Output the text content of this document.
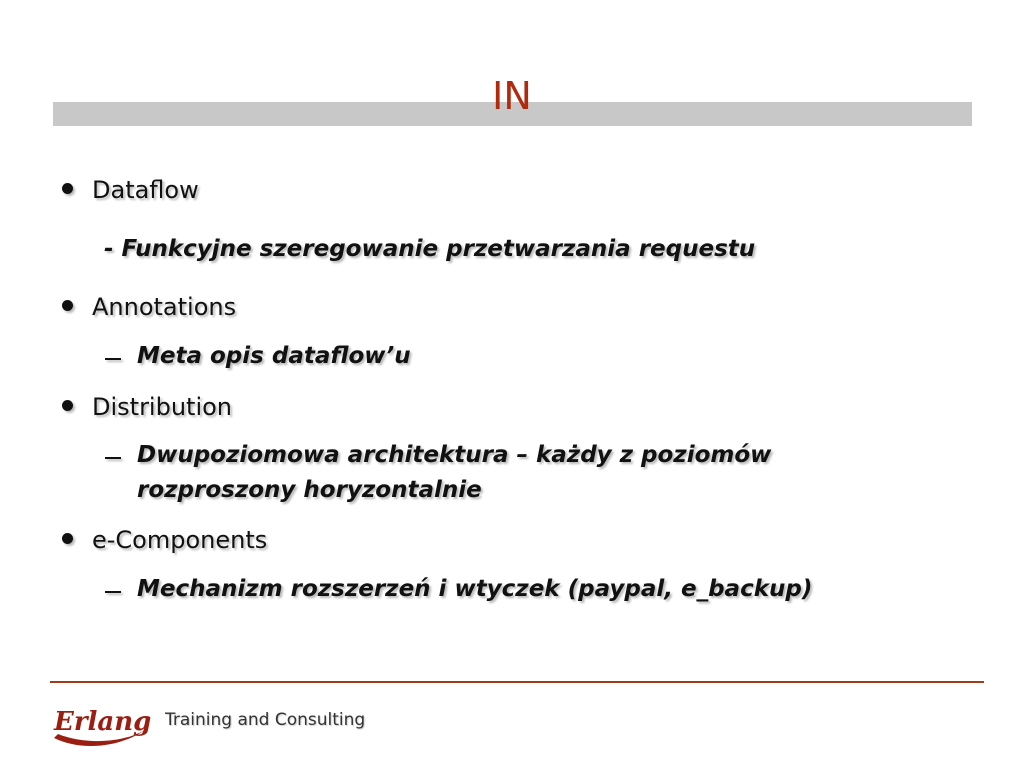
IN
Dataflow
- Funkcyjne szeregowanie przetwarzania requestu
Annotations
Meta opis dataflow’u
Distribution
Dwupoziomowa architektura – każdy z poziomów
rozproszony horyzontalnie
e-Components
Mechanizm rozszerzeń i wtyczek (paypal, e_backup)
Erlang Training and Consulting
